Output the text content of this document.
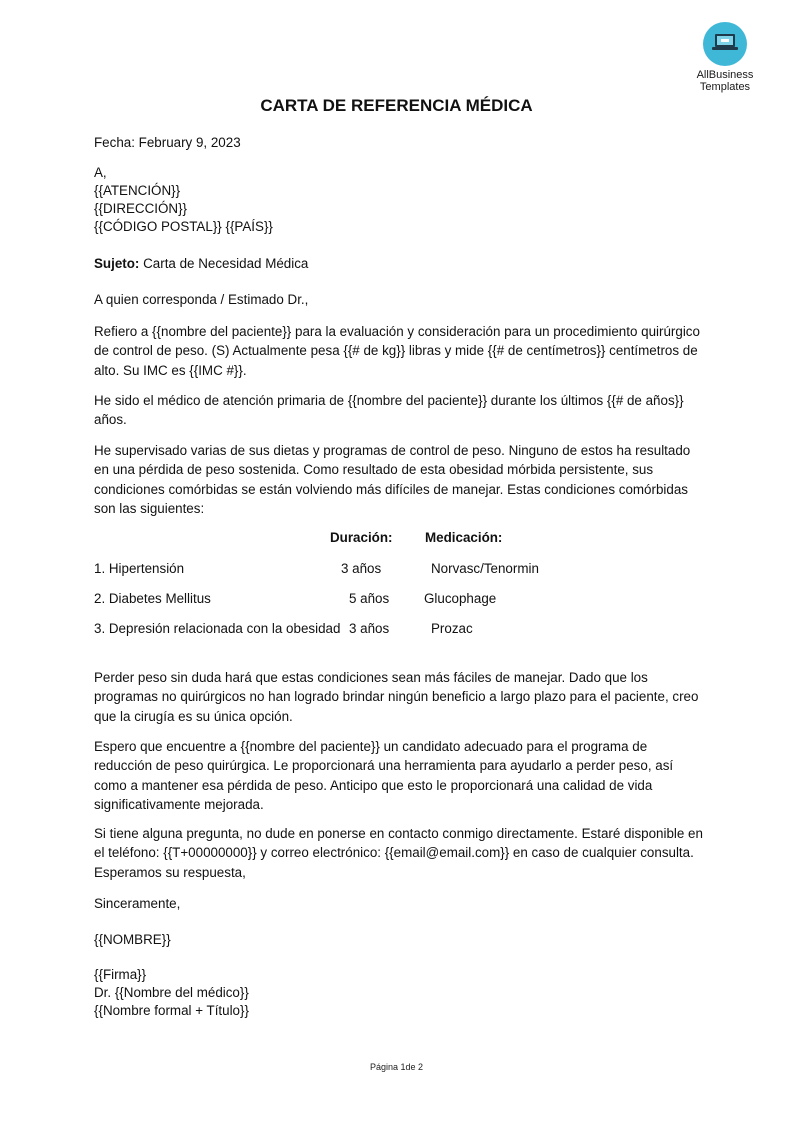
AllBusiness
Templates
CARTA DE REFERENCIA MÉDICA
Fecha: February 9, 2023
A,
{{ATENCIÓN}}
{{DIRECCIÓN}}
{{CÓDIGO POSTAL}} {{PAÍS}}
Sujeto: Carta de Necesidad Médica
A quien corresponda / Estimado Dr.,
Refiero a {{nombre del paciente}} para la evaluación y consideración para un procedimiento quirúrgico de control de peso. (S) Actualmente pesa {{# de kg}} libras y mide {{# de centímetros}} centímetros de alto. Su IMC es {{IMC #}}.
He sido el médico de atención primaria de {{nombre del paciente}} durante los últimos {{# de años}} años.
He supervisado varias de sus dietas y programas de control de peso. Ninguno de estos ha resultado en una pérdida de peso sostenida. Como resultado de esta obesidad mórbida persistente, sus condiciones comórbidas se están volviendo más difíciles de manejar. Estas condiciones comórbidas son las siguientes:
Duración: Medicación:
1. Hipertensión	3 años	Norvasc/Tenormin
2. Diabetes Mellitus	5 años	Glucophage
3. Depresión relacionada con la obesidad 3 años	Prozac
Perder peso sin duda hará que estas condiciones sean más fáciles de manejar. Dado que los programas no quirúrgicos no han logrado brindar ningún beneficio a largo plazo para el paciente, creo que la cirugía es su única opción.
Espero que encuentre a {{nombre del paciente}} un candidato adecuado para el programa de reducción de peso quirúrgica. Le proporcionará una herramienta para ayudarlo a perder peso, así como a mantener esa pérdida de peso. Anticipo que esto le proporcionará una calidad de vida significativamente mejorada.
Si tiene alguna pregunta, no dude en ponerse en contacto conmigo directamente. Estaré disponible en el teléfono: {{T+00000000}} y correo electrónico: {{email@email.com}} en caso de cualquier consulta. Esperamos su respuesta,
Sinceramente,
{{NOMBRE}}
{{Firma}}
Dr. {{Nombre del médico}}
{{Nombre formal + Título}}
Página 1de 2
